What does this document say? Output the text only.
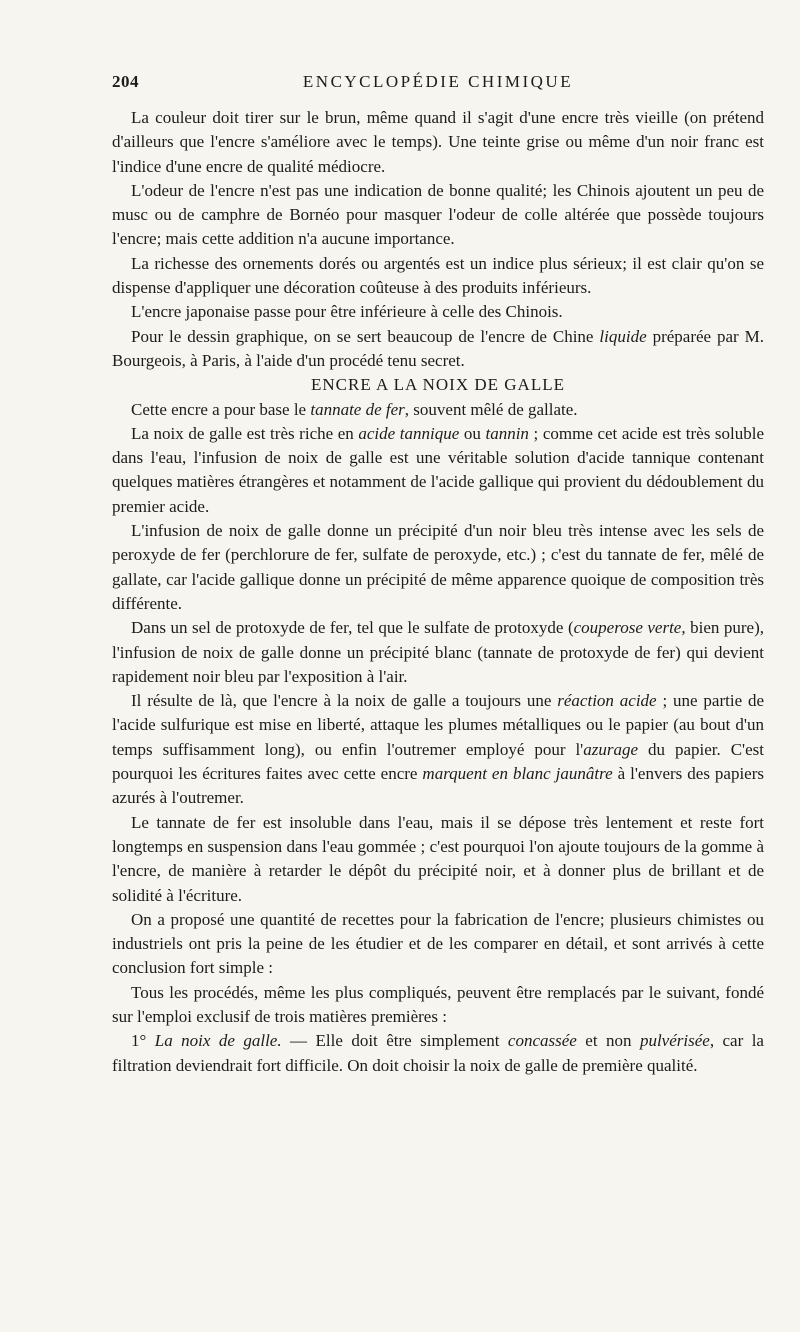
204	ENCYCLOPÉDIE CHIMIQUE

La couleur doit tirer sur le brun, même quand il s'agit d'une encre très vieille (on prétend d'ailleurs que l'encre s'améliore avec le temps). Une teinte grise ou même d'un noir franc est l'indice d'une encre de qualité médiocre.

L'odeur de l'encre n'est pas une indication de bonne qualité; les Chinois ajoutent un peu de musc ou de camphre de Bornéo pour masquer l'odeur de colle altérée que possède toujours l'encre; mais cette addition n'a aucune importance.

La richesse des ornements dorés ou argentés est un indice plus sérieux; il est clair qu'on se dispense d'appliquer une décoration coûteuse à des produits inférieurs.

L'encre japonaise passe pour être inférieure à celle des Chinois.

Pour le dessin graphique, on se sert beaucoup de l'encre de Chine liquide préparée par M. Bourgeois, à Paris, à l'aide d'un procédé tenu secret.

ENCRE A LA NOIX DE GALLE

Cette encre a pour base le tannate de fer, souvent mêlé de gallate.

La noix de galle est très riche en acide tannique ou tannin ; comme cet acide est très soluble dans l'eau, l'infusion de noix de galle est une véritable solution d'acide tannique contenant quelques matières étrangères et notamment de l'acide gallique qui provient du dédoublement du premier acide.

L'infusion de noix de galle donne un précipité d'un noir bleu très intense avec les sels de peroxyde de fer (perchlorure de fer, sulfate de peroxyde, etc.) ; c'est du tannate de fer, mêlé de gallate, car l'acide gallique donne un précipité de même apparence quoique de composition très différente.

Dans un sel de protoxyde de fer, tel que le sulfate de protoxyde (couperose verte, bien pure), l'infusion de noix de galle donne un précipité blanc (tannate de protoxyde de fer) qui devient rapidement noir bleu par l'exposition à l'air.

Il résulte de là, que l'encre à la noix de galle a toujours une réaction acide ; une partie de l'acide sulfurique est mise en liberté, attaque les plumes métalliques ou le papier (au bout d'un temps suffisamment long), ou enfin l'outremer employé pour l'azurage du papier. C'est pourquoi les écritures faites avec cette encre marquent en blanc jaunâtre à l'envers des papiers azurés à l'outremer.

Le tannate de fer est insoluble dans l'eau, mais il se dépose très lentement et reste fort longtemps en suspension dans l'eau gommée ; c'est pourquoi l'on ajoute toujours de la gomme à l'encre, de manière à retarder le dépôt du précipité noir, et à donner plus de brillant et de solidité à l'écriture.

On a proposé une quantité de recettes pour la fabrication de l'encre; plusieurs chimistes ou industriels ont pris la peine de les étudier et de les comparer en détail, et sont arrivés à cette conclusion fort simple :

Tous les procédés, même les plus compliqués, peuvent être remplacés par le suivant, fondé sur l'emploi exclusif de trois matières premières :

1° La noix de galle. — Elle doit être simplement concassée et non pulvérisée, car la filtration deviendrait fort difficile. On doit choisir la noix de galle de première qualité.
